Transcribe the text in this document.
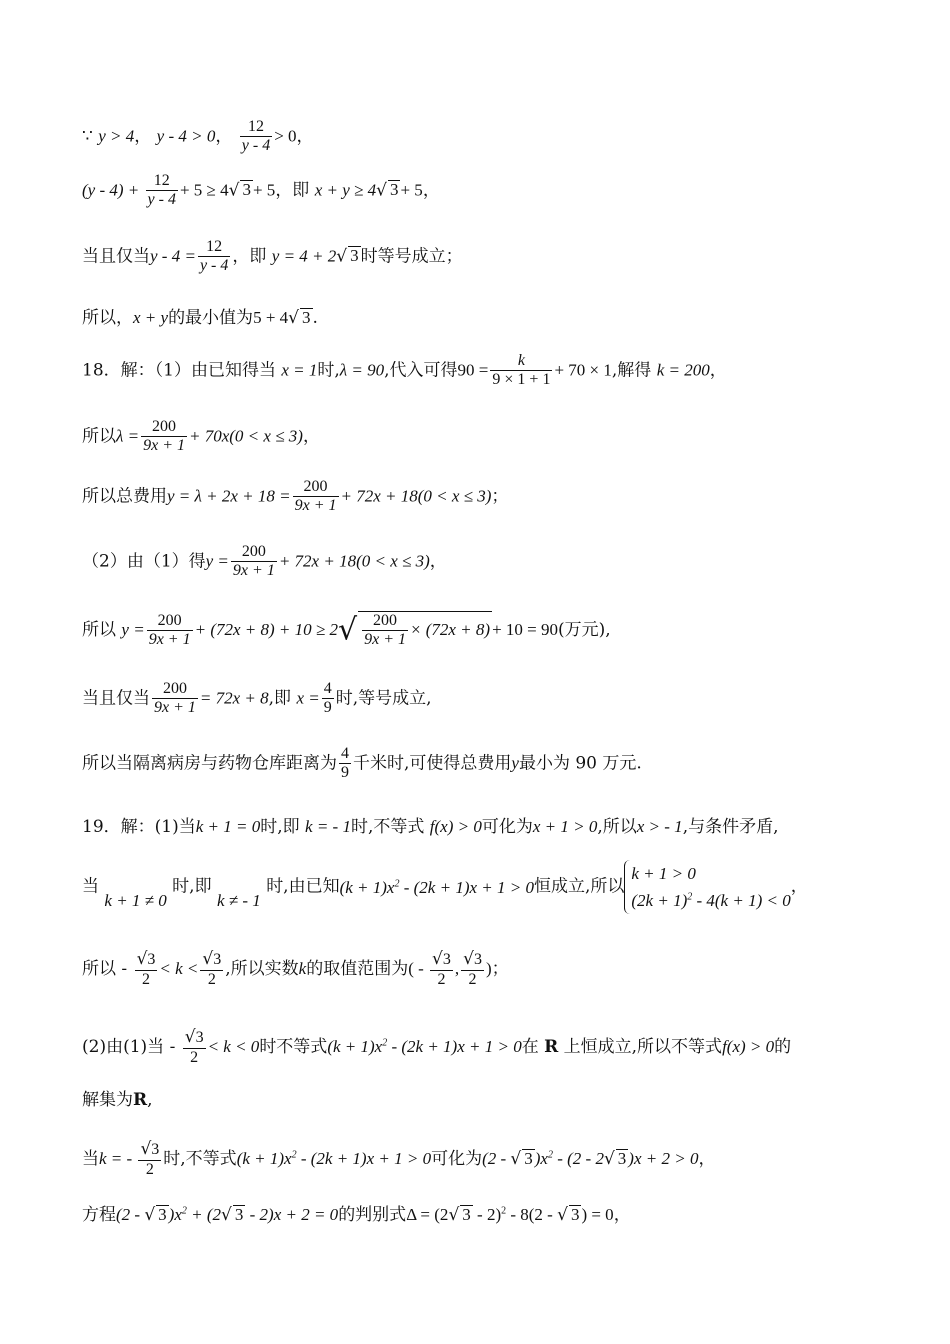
∵ y > 4， y - 4 > 0， $\frac{12}{y - 4} > 0$，
$(y - 4) + \frac{12}{y - 4} + 5 \ge 4√$ 3 + 5，即 x + y ≥ 4√ 3 + 5，
当且仅当$y - 4 = \frac{12}{y - 4}$ ，即 y = 4 + 2√ 3 时等号成立；
所以，x + y的最小值为5 + 4√ 3 .
18．解：（1）由已知得当 x = 1时,λ = 90,代入可得$90 = \frac{k}{9 \times 1 + 1} + 70 \times 1$,解得 k = 200，
所以$\lambda = \frac{200}{9x + 1} + 70x(0 < x \le 3)$，
所以总费用$y = \lambda + 2x + 18 = \frac{200}{9x + 1} + 72x + 18(0 < x \le 3)$；
（2）由（1）得$y = \frac{200}{9x + 1} + 72x + 18(0 < x \le 3)$，
所以 $y = \frac{200}{9x + 1} + (72x + 8) + 10 \ge 2√ \frac{200}{9x + 1} \times (72x + 8) + 10 = 90$(万元),
当且仅当 $\frac{200}{9x + 1} = 72x + 8$,即 $x = \frac{4}{9}$ 时,等号成立,
所以当隔离病房与药物仓库距离为 $\frac{4}{9}$ 千米时,可使得总费用y最小为 90 万元.
19．解：(1)当k + 1 = 0时,即 k = - 1时,不等式 f(x) > 0可化为x + 1 > 0,所以x > - 1,与条件矛盾,
当

k + 1 ≠ 0
时,即

k ≠ - 1
时,由已知$(k + 1)x^2 - (2k + 1)x + 1 > 0$恒成立,所以
k + 1 > 0
$(2k + 1)^2 - 4(k + 1) < 0$
，
所以 - $\frac{√3}{2} < k < \frac{√3}{2}$ ,所以实数k的取值范围为( - $\frac{√3}{2}$ , $\frac{√3}{2}$ )；
(2)由(1)当 - $\frac{√3}{2} < k < 0$时不等式$(k + 1)x^2 - (2k + 1)x + 1 > 0$在 R 上恒成立,所以不等式f(x) > 0的
解集为R,
当k = - $\frac{√3}{2}$ 时,不等式$(k + 1)x^2 - (2k + 1)x + 1 > 0$可化为(2 - √ 3 )$x^2 - (2 - 2√$ 3 )x + 2 > 0，
方程(2 - √ 3 )$x^2 + (2√$ 3 - 2)x + 2 = 0的判别式Δ = (2√ 3 - 2)$^2$ - 8(2 - √ 3 ) = 0，
